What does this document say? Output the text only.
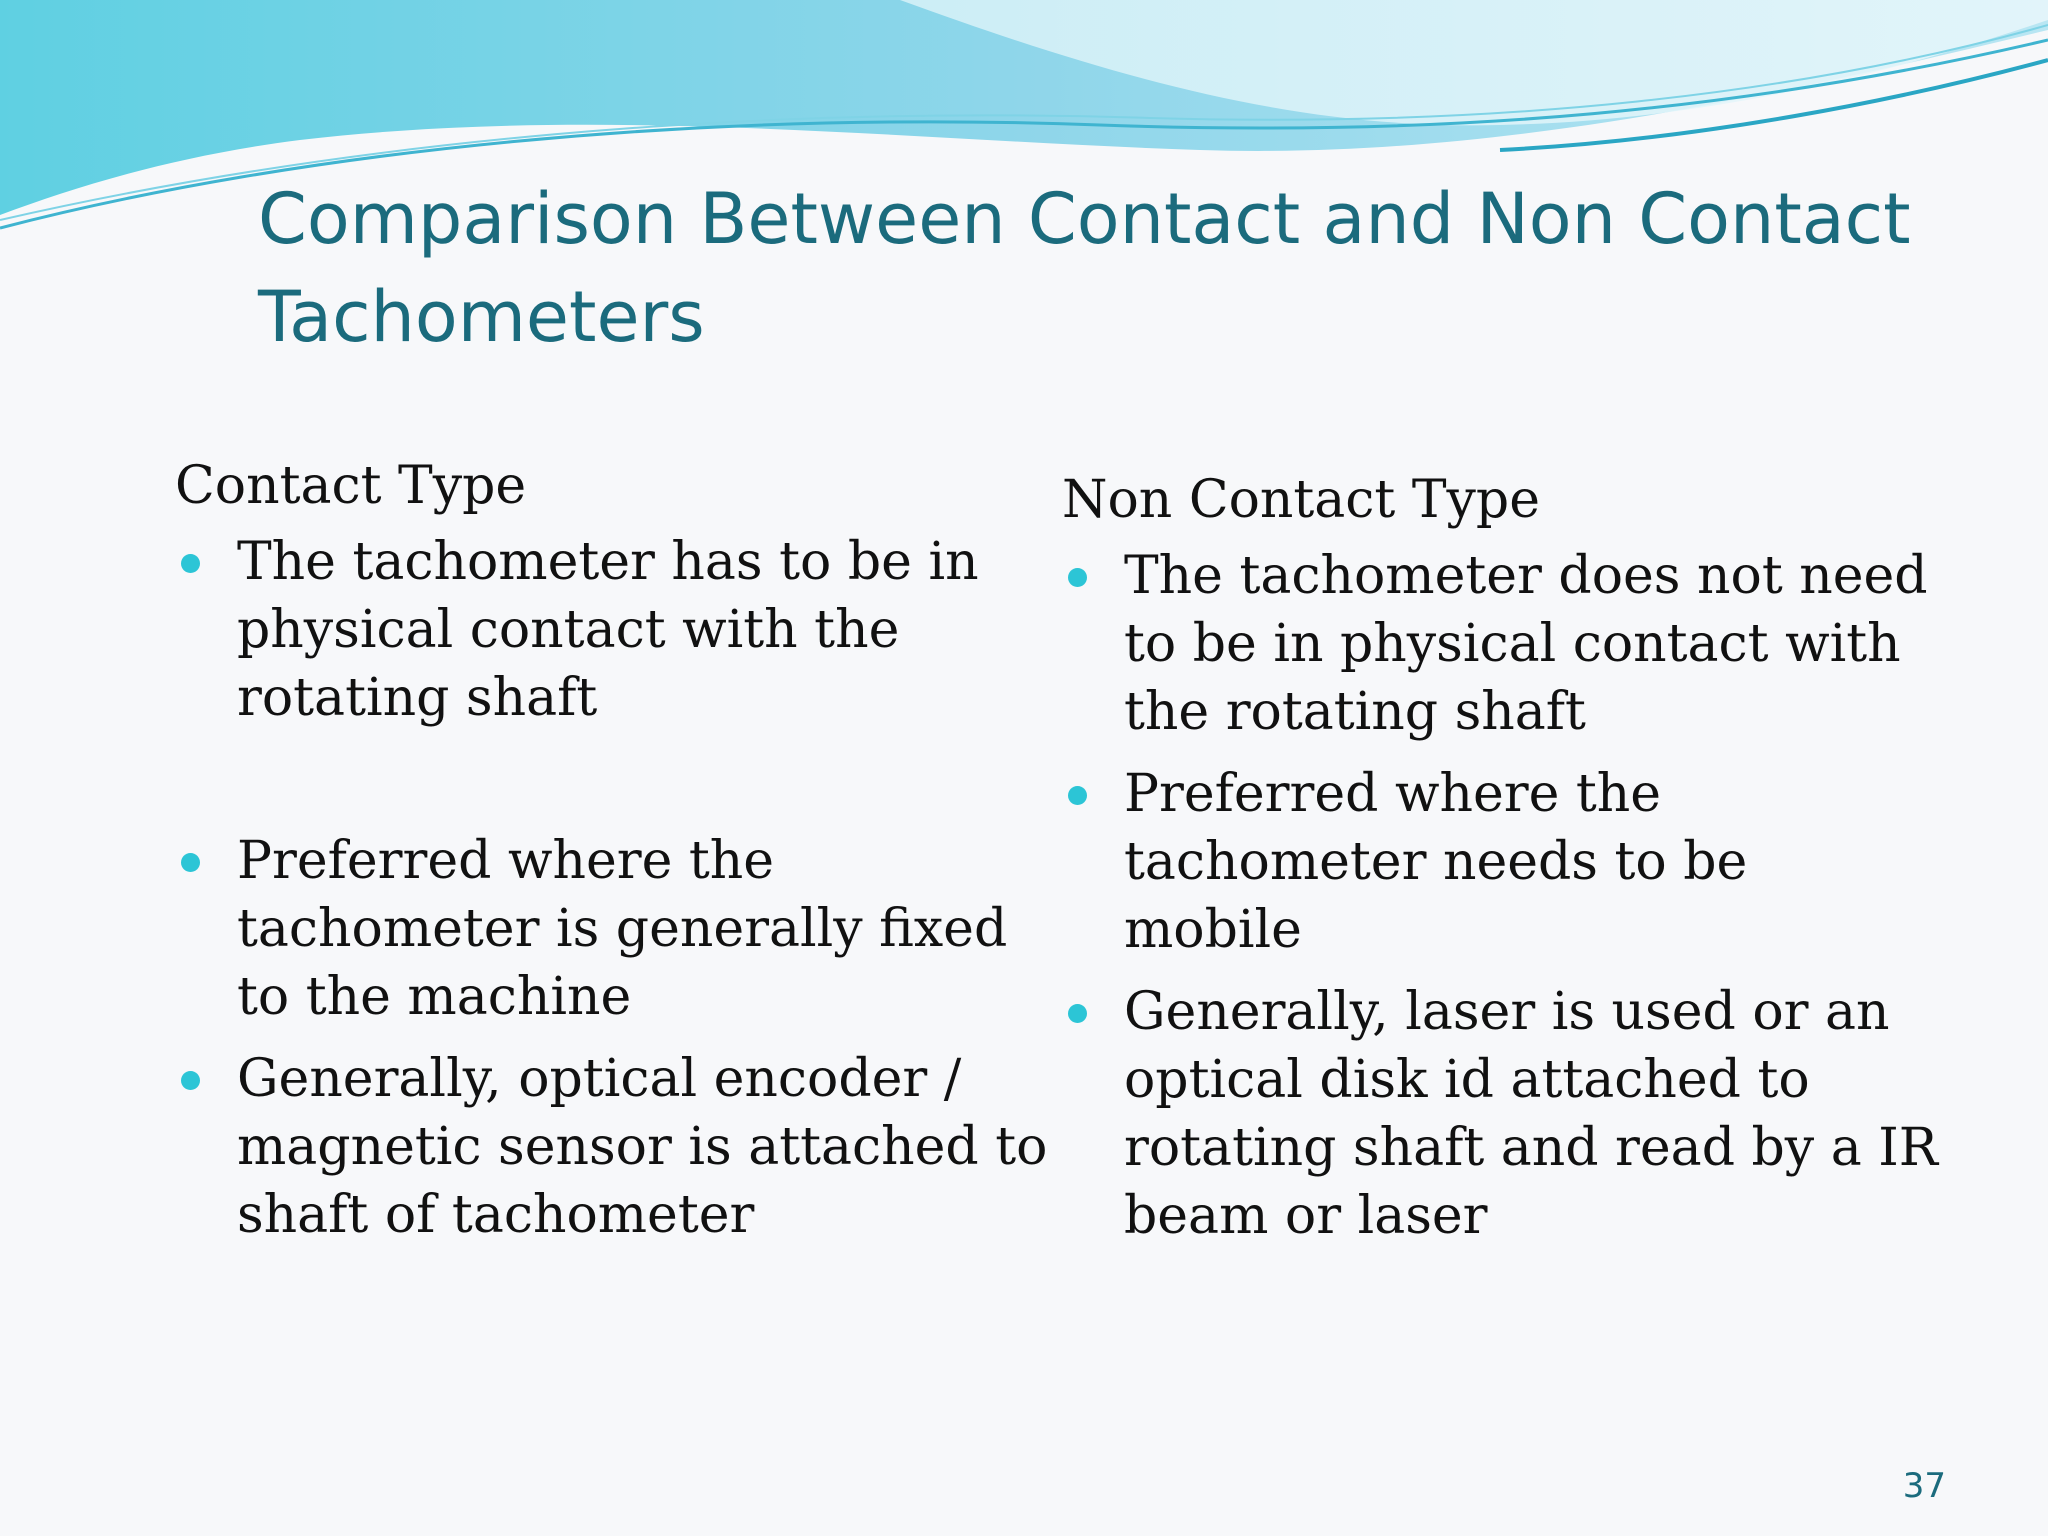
Comparison Between Contact and Non Contact
Tachometers
Contact Type
The tachometer has to be in
physical contact with the
rotating shaft
Preferred where the
tachometer is generally fixed
to the machine
Generally, optical encoder /
magnetic sensor is attached to
shaft of tachometer
Non Contact Type
The tachometer does not need
to be in physical contact with
the rotating shaft
Preferred where the
tachometer needs to be
mobile
Generally, laser is used or an
optical disk id attached to
rotating shaft and read by a IR
beam or laser
37
